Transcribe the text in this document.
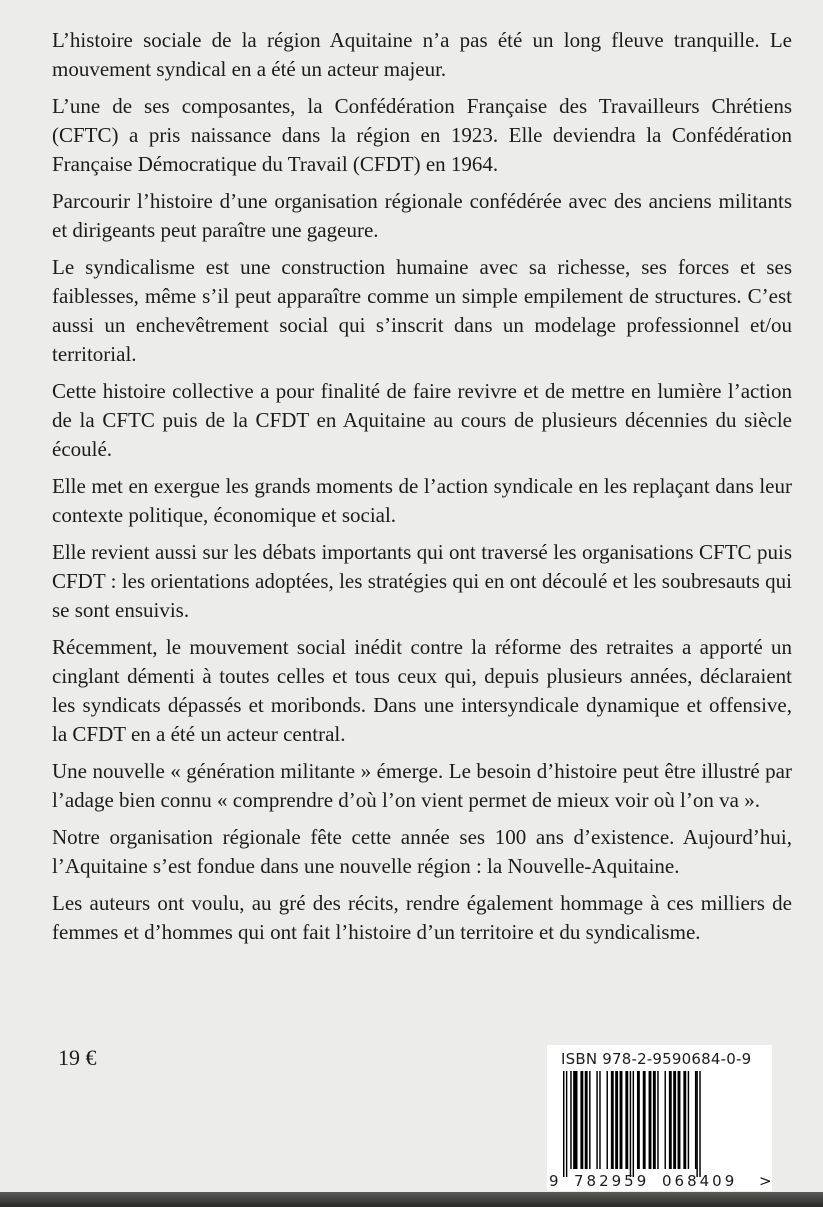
L’histoire sociale de la région Aquitaine n’a pas été un long fleuve tranquille. Le mouvement syndical en a été un acteur majeur.

L’une de ses composantes, la Confédération Française des Travailleurs Chrétiens (CFTC) a pris naissance dans la région en 1923. Elle deviendra la Confédération Française Démocratique du Travail (CFDT) en 1964.

Parcourir l’histoire d’une organisation régionale confédérée avec des anciens militants et dirigeants peut paraître une gageure.

Le syndicalisme est une construction humaine avec sa richesse, ses forces et ses faiblesses, même s’il peut apparaître comme un simple empilement de structures. C’est aussi un enchevêtrement social qui s’inscrit dans un modelage professionnel et/ou territorial.

Cette histoire collective a pour finalité de faire revivre et de mettre en lumière l’action de la CFTC puis de la CFDT en Aquitaine au cours de plusieurs décennies du siècle écoulé.

Elle met en exergue les grands moments de l’action syndicale en les replaçant dans leur contexte politique, économique et social.

Elle revient aussi sur les débats importants qui ont traversé les organisations CFTC puis CFDT : les orientations adoptées, les stratégies qui en ont découlé et les soubresauts qui se sont ensuivis.

Récemment, le mouvement social inédit contre la réforme des retraites a apporté un cinglant démenti à toutes celles et tous ceux qui, depuis plusieurs années, déclaraient les syndicats dépassés et moribonds. Dans une intersyndicale dynamique et offensive, la CFDT en a été un acteur central.

Une nouvelle « génération militante » émerge. Le besoin d’histoire peut être illustré par l’adage bien connu « comprendre d’où l’on vient permet de mieux voir où l’on va ».

Notre organisation régionale fête cette année ses 100 ans d’existence. Aujourd’hui, l’Aquitaine s’est fondue dans une nouvelle région : la Nouvelle-Aquitaine.

Les auteurs ont voulu, au gré des récits, rendre également hommage à ces milliers de femmes et d’hommes qui ont fait l’histoire d’un territoire et du syndicalisme.

19 €	ISBN 978-2-9590684-0-9
9 782959 068409 >
